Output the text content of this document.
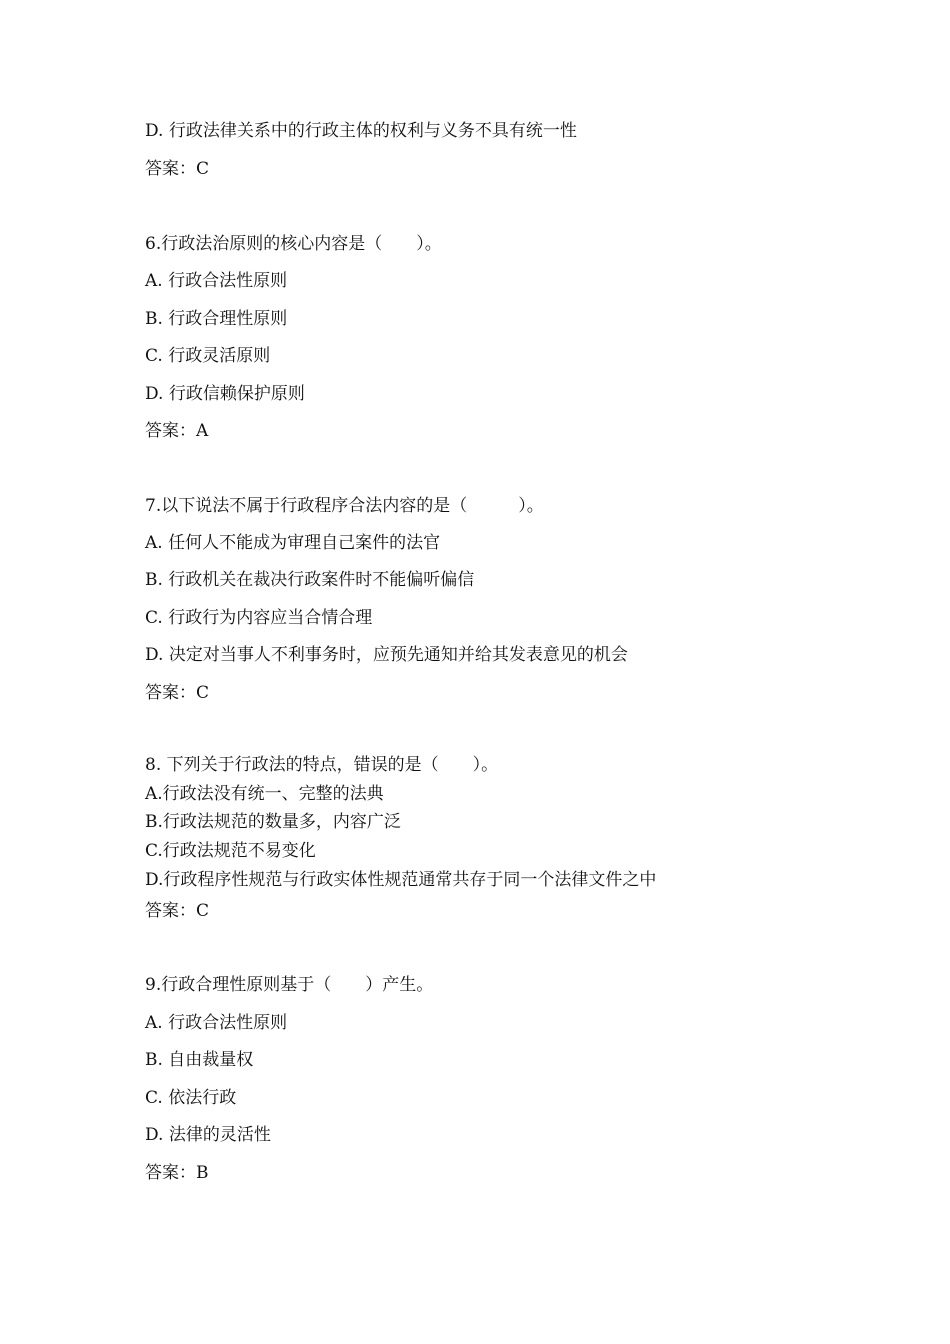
D. 行政法律关系中的行政主体的权利与义务不具有统一性
答案：C
6.行政法治原则的核心内容是（　　）。
A. 行政合法性原则
B. 行政合理性原则
C. 行政灵活原则
D. 行政信赖保护原则
答案：A
7.以下说法不属于行政程序合法内容的是（　　　）。
A. 任何人不能成为审理自己案件的法官
B. 行政机关在裁决行政案件时不能偏听偏信
C. 行政行为内容应当合情合理
D. 决定对当事人不利事务时，应预先通知并给其发表意见的机会
答案：C
8. 下列关于行政法的特点，错误的是（　　）。
A.行政法没有统一、完整的法典
B.行政法规范的数量多，内容广泛
C.行政法规范不易变化
D.行政程序性规范与行政实体性规范通常共存于同一个法律文件之中
答案：C
9.行政合理性原则基于（　　）产生。
A. 行政合法性原则
B. 自由裁量权
C. 依法行政
D. 法律的灵活性
答案：B
